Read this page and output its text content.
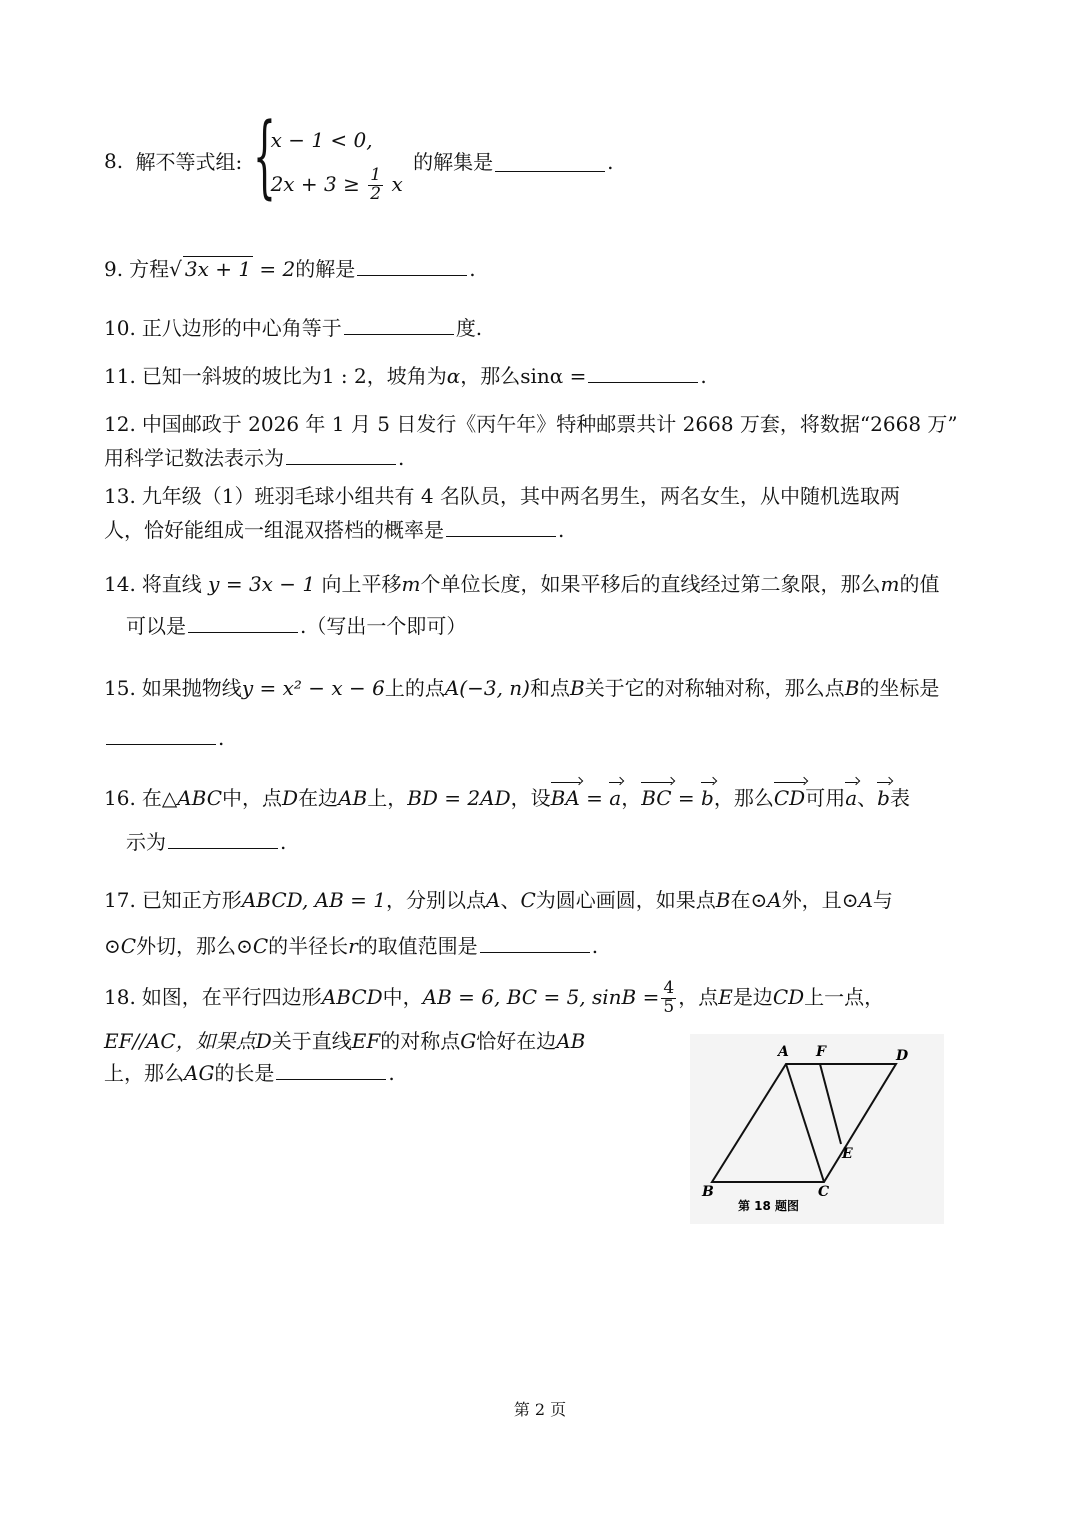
8. 解不等式组: {
x − 1 < 0,
$2x + 3 \ge \frac{1}{2}$ x
的解集是	.
9. 方程√ 3x + 1 = 2的解是	.
10. 正八边形的中心角等于	度.
11. 已知一斜坡的坡比为1 : 2，坡角为α，那么sinα =	.
12. 中国邮政于 2026 年 1 月 5 日发行《丙午年》特种邮票共计 2668 万套，将数据“2668 万”
用科学记数法表示为	.
13. 九年级（1）班羽毛球小组共有 4 名队员，其中两名男生，两名女生，从中随机选取两
人，恰好能组成一组混双搭档的概率是	.
14. 将直线 y = 3x − 1 向上平移m个单位长度，如果平移后的直线经过第二象限，那么m的值
可以是	.（写出一个即可）
15. 如果抛物线y = x² − x − 6上的点A(−3, n)和点B关于它的对称轴对称，那么点B的坐标是
.
16. 在△ABC中，点D在边AB上，BD = 2AD，设BA = a，BC = b，那么CD可用a、b表
示为	.
17. 已知正方形ABCD, AB = 1，分别以点A、C为圆心画圆，如果点B在⊙A外，且⊙A与
⊙C外切，那么⊙C的半径长r的取值范围是	.
18. 如图，在平行四边形ABCD中，AB = 6, BC = 5, $\sin B = \frac{4}{5}$ ，点E是边CD上一点，
EF//AC，如果点D关于直线EF的对称点G恰好在边AB
上，那么AG的长是	.
A F	D
E
B	C
第 18 题图
第 2 页
